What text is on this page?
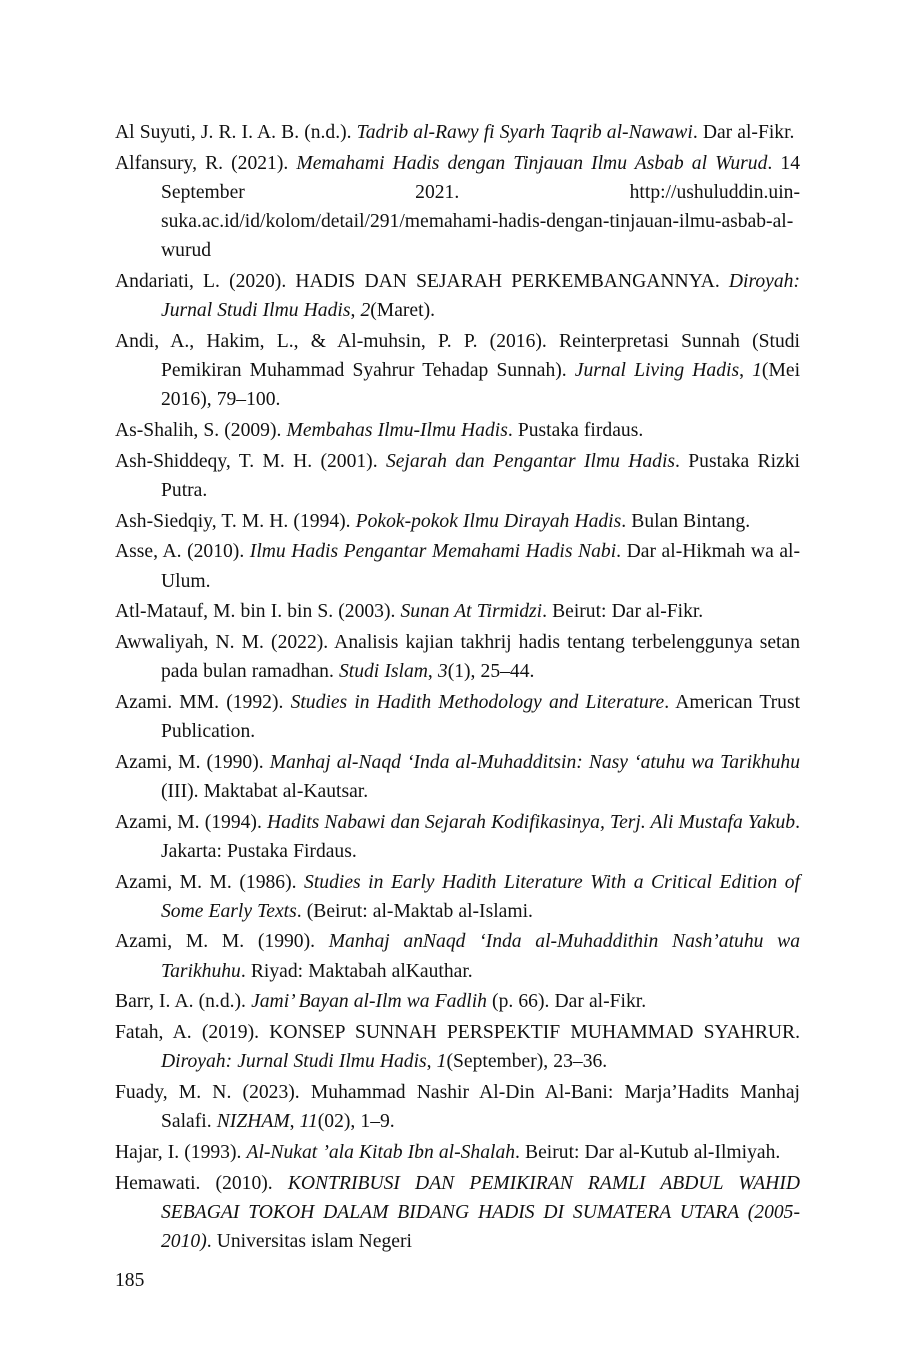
Al Suyuti, J. R. I. A. B. (n.d.). Tadrib al-Rawy fi Syarh Taqrib al-Nawawi. Dar al-Fikr.

Alfansury, R. (2021). Memahami Hadis dengan Tinjauan Ilmu Asbab al Wurud. 14 September 2021. http://ushuluddin.uin-suka.ac.id/id/kolom/detail/291/memahami-hadis-dengan-tinjauan-ilmu-asbab-al-wurud

Andariati, L. (2020). HADIS DAN SEJARAH PERKEMBANGANNYA. Diroyah: Jurnal Studi Ilmu Hadis, 2(Maret).

Andi, A., Hakim, L., & Al-muhsin, P. P. (2016). Reinterpretasi Sunnah (Studi Pemikiran Muhammad Syahrur Tehadap Sunnah). Jurnal Living Hadis, 1(Mei 2016), 79–100.

As-Shalih, S. (2009). Membahas Ilmu-Ilmu Hadis. Pustaka firdaus.

Ash-Shiddeqy, T. M. H. (2001). Sejarah dan Pengantar Ilmu Hadis. Pustaka Rizki Putra.

Ash-Siedqiy, T. M. H. (1994). Pokok-pokok Ilmu Dirayah Hadis. Bulan Bintang.

Asse, A. (2010). Ilmu Hadis Pengantar Memahami Hadis Nabi. Dar al-Hikmah wa al-Ulum.

Atl-Matauf, M. bin I. bin S. (2003). Sunan At Tirmidzi. Beirut: Dar al-Fikr.

Awwaliyah, N. M. (2022). Analisis kajian takhrij hadis tentang terbelenggunya setan pada bulan ramadhan. Studi Islam, 3(1), 25–44.

Azami. MM. (1992). Studies in Hadith Methodology and Literature. American Trust Publication.

Azami, M. (1990). Manhaj al-Naqd ‘Inda al-Muhadditsin: Nasy ‘atuhu wa Tarikhuhu (III). Maktabat al-Kautsar.

Azami, M. (1994). Hadits Nabawi dan Sejarah Kodifikasinya, Terj. Ali Mustafa Yakub. Jakarta: Pustaka Firdaus.

Azami, M. M. (1986). Studies in Early Hadith Literature With a Critical Edition of Some Early Texts. (Beirut: al-Maktab al-Islami.

Azami, M. M. (1990). Manhaj anNaqd ‘Inda al-Muhaddithin Nash’atuhu wa Tarikhuhu. Riyad: Maktabah alKauthar.

Barr, I. A. (n.d.). Jami’ Bayan al-Ilm wa Fadlih (p. 66). Dar al-Fikr.

Fatah, A. (2019). KONSEP SUNNAH PERSPEKTIF MUHAMMAD SYAHRUR. Diroyah: Jurnal Studi Ilmu Hadis, 1(September), 23–36.

Fuady, M. N. (2023). Muhammad Nashir Al-Din Al-Bani: Marja’Hadits Manhaj Salafi. NIZHAM, 11(02), 1–9.

Hajar, I. (1993). Al-Nukat ’ala Kitab Ibn al-Shalah. Beirut: Dar al-Kutub al-Ilmiyah.

Hemawati. (2010). KONTRIBUSI DAN PEMIKIRAN RAMLI ABDUL WAHID SEBAGAI TOKOH DALAM BIDANG HADIS DI SUMATERA UTARA (2005-2010). Universitas islam Negeri

185
